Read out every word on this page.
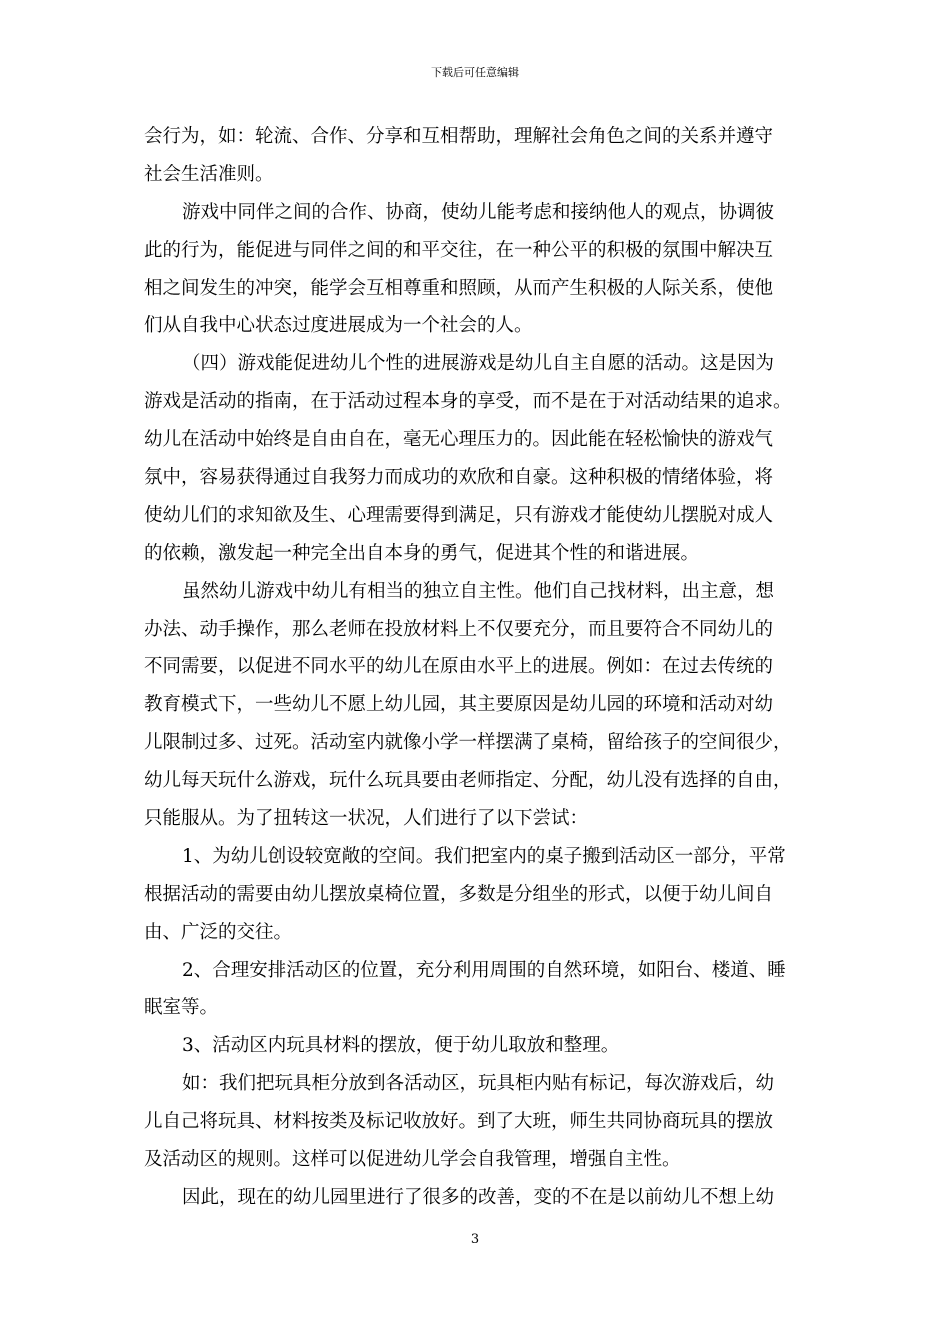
下载后可任意编辑
会行为，如：轮流、合作、分享和互相帮助，理解社会角色之间的关系并遵守
社会生活准则。
游戏中同伴之间的合作、协商，使幼儿能考虑和接纳他人的观点，协调彼
此的行为，能促进与同伴之间的和平交往，在一种公平的积极的氛围中解决互
相之间发生的冲突，能学会互相尊重和照顾，从而产生积极的人际关系，使他
们从自我中心状态过度进展成为一个社会的人。
（四）游戏能促进幼儿个性的进展游戏是幼儿自主自愿的活动。这是因为
游戏是活动的指南，在于活动过程本身的享受，而不是在于对活动结果的追求。
幼儿在活动中始终是自由自在，毫无心理压力的。因此能在轻松愉快的游戏气
氛中，容易获得通过自我努力而成功的欢欣和自豪。这种积极的情绪体验，将
使幼儿们的求知欲及生、心理需要得到满足，只有游戏才能使幼儿摆脱对成人
的依赖，激发起一种完全出自本身的勇气，促进其个性的和谐进展。
虽然幼儿游戏中幼儿有相当的独立自主性。他们自己找材料，出主意，想
办法、动手操作，那么老师在投放材料上不仅要充分，而且要符合不同幼儿的
不同需要，以促进不同水平的幼儿在原由水平上的进展。例如：在过去传统的
教育模式下，一些幼儿不愿上幼儿园，其主要原因是幼儿园的环境和活动对幼
儿限制过多、过死。活动室内就像小学一样摆满了桌椅，留给孩子的空间很少，
幼儿每天玩什么游戏，玩什么玩具要由老师指定、分配，幼儿没有选择的自由，
只能服从。为了扭转这一状况，人们进行了以下尝试：
1、为幼儿创设较宽敞的空间。我们把室内的桌子搬到活动区一部分，平常
根据活动的需要由幼儿摆放桌椅位置，多数是分组坐的形式，以便于幼儿间自
由、广泛的交往。
2、合理安排活动区的位置，充分利用周围的自然环境，如阳台、楼道、睡
眠室等。
3、活动区内玩具材料的摆放，便于幼儿取放和整理。
如：我们把玩具柜分放到各活动区，玩具柜内贴有标记，每次游戏后，幼
儿自己将玩具、材料按类及标记收放好。到了大班，师生共同协商玩具的摆放
及活动区的规则。这样可以促进幼儿学会自我管理，增强自主性。
因此，现在的幼儿园里进行了很多的改善，变的不在是以前幼儿不想上幼
3
